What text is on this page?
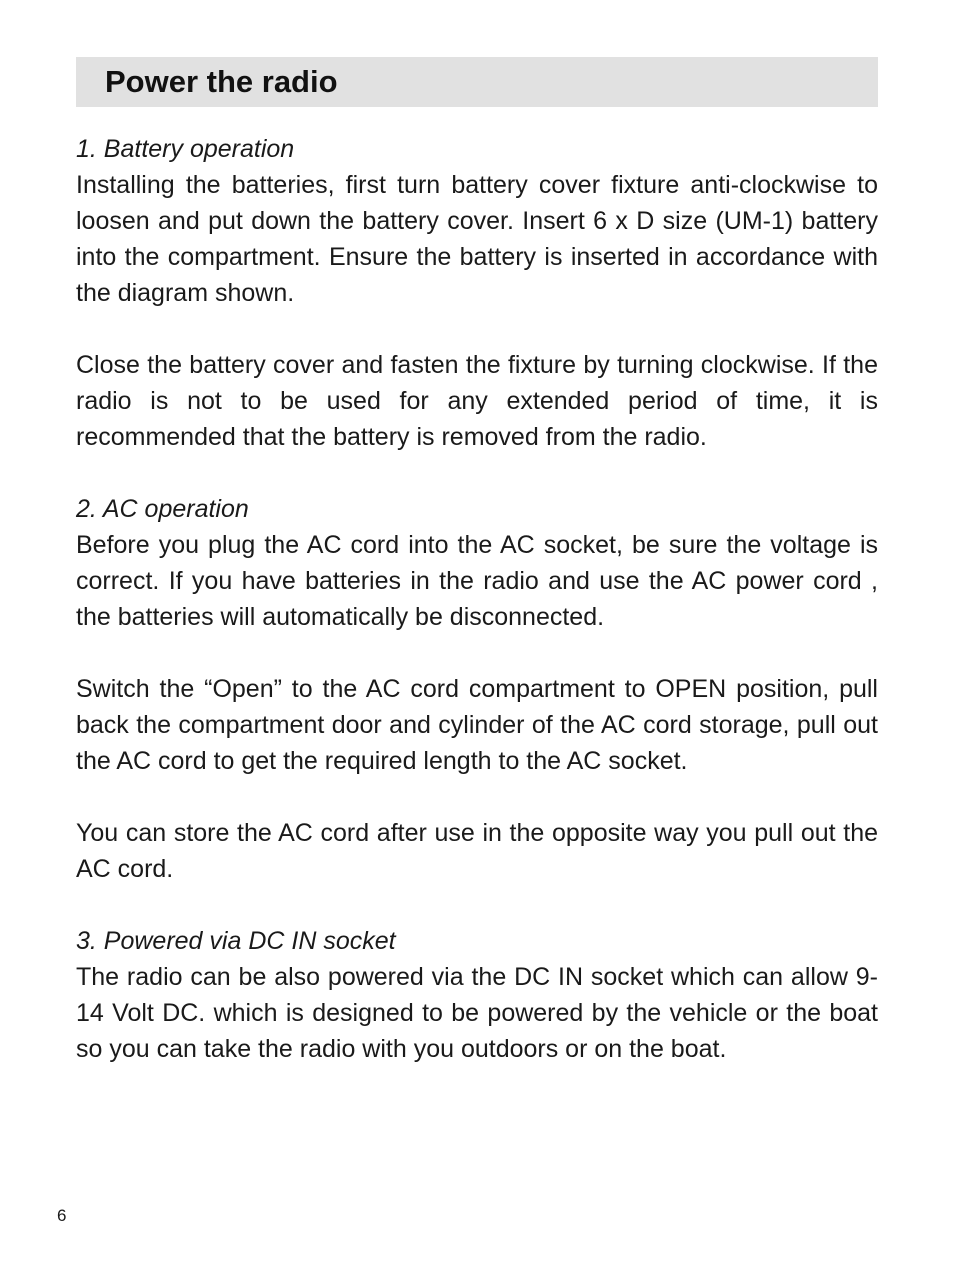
Power the radio

1. Battery operation

Installing the batteries, first turn battery cover fixture anti-clockwise to loosen and put down the battery cover. Insert 6 x D size (UM-1) battery into the compartment. Ensure the battery is inserted in accordance with the diagram shown.

Close the battery cover and fasten the fixture by turning clockwise. If the radio is not to be used for any extended period of time, it is recommended that the battery is removed from the radio.

2. AC operation

Before you plug the AC cord into the AC socket, be sure the voltage is correct. If you have batteries in the radio and use the AC power cord , the batteries will automatically be disconnected.

Switch the “Open” to the AC cord compartment to OPEN position, pull back the compartment door and cylinder of the AC cord storage, pull out the AC cord to get the required length to the AC socket.

You can store the AC cord after use in the opposite way you pull out the AC cord.

3. Powered via DC IN socket

The radio can be also powered via the DC IN socket which can allow 9-14 Volt DC. which is designed to be powered by the vehicle or the boat so you can take the radio with you outdoors or on the boat.

6
